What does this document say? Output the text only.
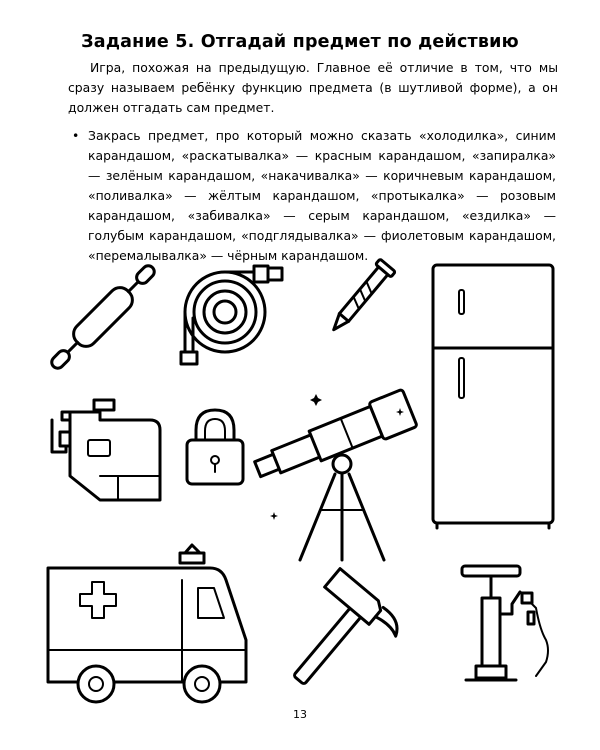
Задание 5. Отгадай предмет по действию
Игра, похожая на предыдущую. Главное её отличие в том, что мы сразу называем ребёнку функцию предмета (в шутливой форме), а он должен отгадать сам предмет.
• Закрась предмет, про который можно сказать «холодилка», синим карандашом, «раскатывалка» — красным карандашом, «запиралка» — зелёным карандашом, «накачивалка» — коричневым карандашом, «поливалка» — жёлтым карандашом, «протыкалка» — розовым карандашом, «забивалка» — серым карандашом, «ездилка» — голубым карандашом, «подглядывалка» — фиолетовым карандашом, «перемалывалка» — чёрным карандашом.
13
